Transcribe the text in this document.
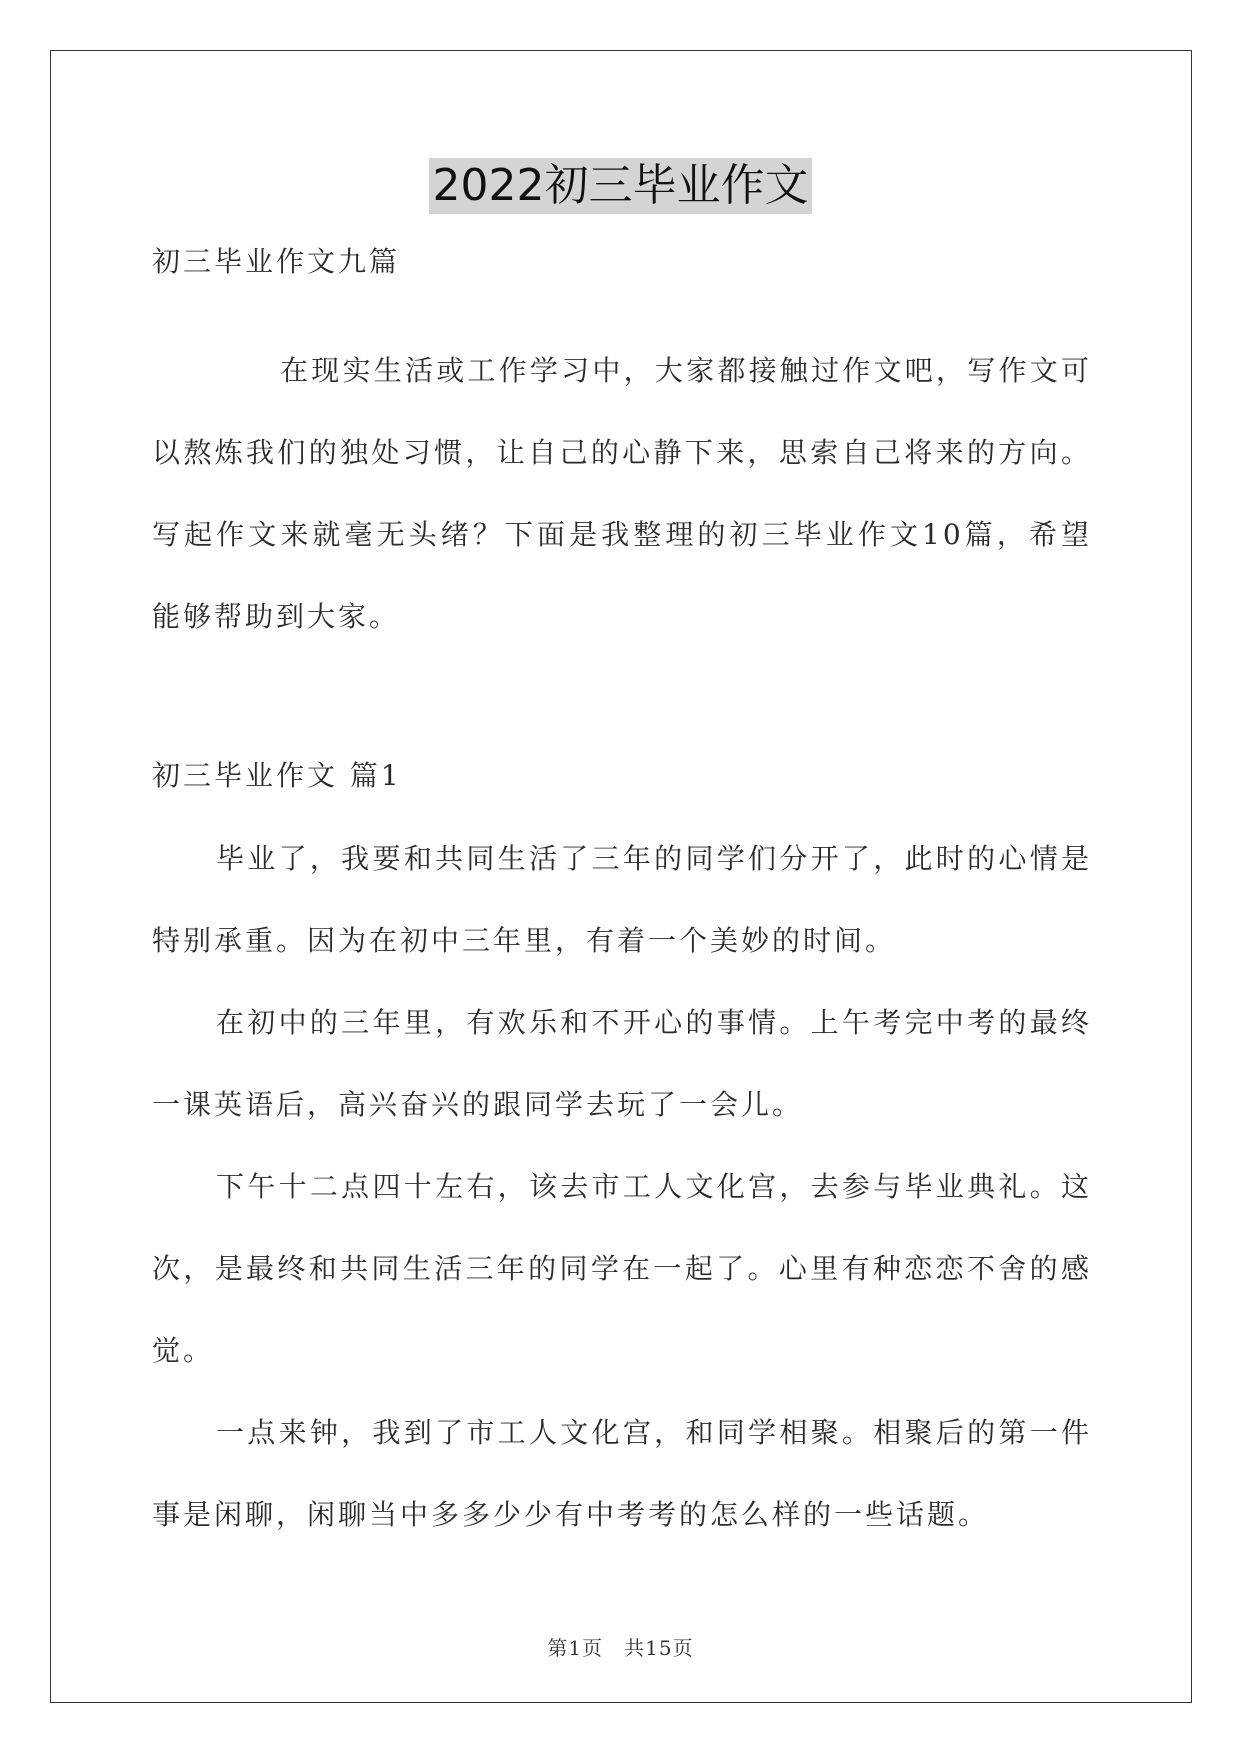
2022初三毕业作文
初三毕业作文九篇

在现实生活或工作学习中，大家都接触过作文吧，写作文可以熬炼我们的独处习惯，让自己的心静下来，思索自己将来的方向。写起作文来就毫无头绪？下面是我整理的初三毕业作文10篇，希望能够帮助到大家。

初三毕业作文 篇1

毕业了，我要和共同生活了三年的同学们分开了，此时的心情是特别承重。因为在初中三年里，有着一个美妙的时间。

在初中的三年里，有欢乐和不开心的事情。上午考完中考的最终一课英语后，高兴奋兴的跟同学去玩了一会儿。

下午十二点四十左右，该去市工人文化宫，去参与毕业典礼。这次，是最终和共同生活三年的同学在一起了。心里有种恋恋不舍的感觉。

一点来钟，我到了市工人文化宫，和同学相聚。相聚后的第一件事是闲聊，闲聊当中多多少少有中考考的怎么样的一些话题。

第1页　共15页
